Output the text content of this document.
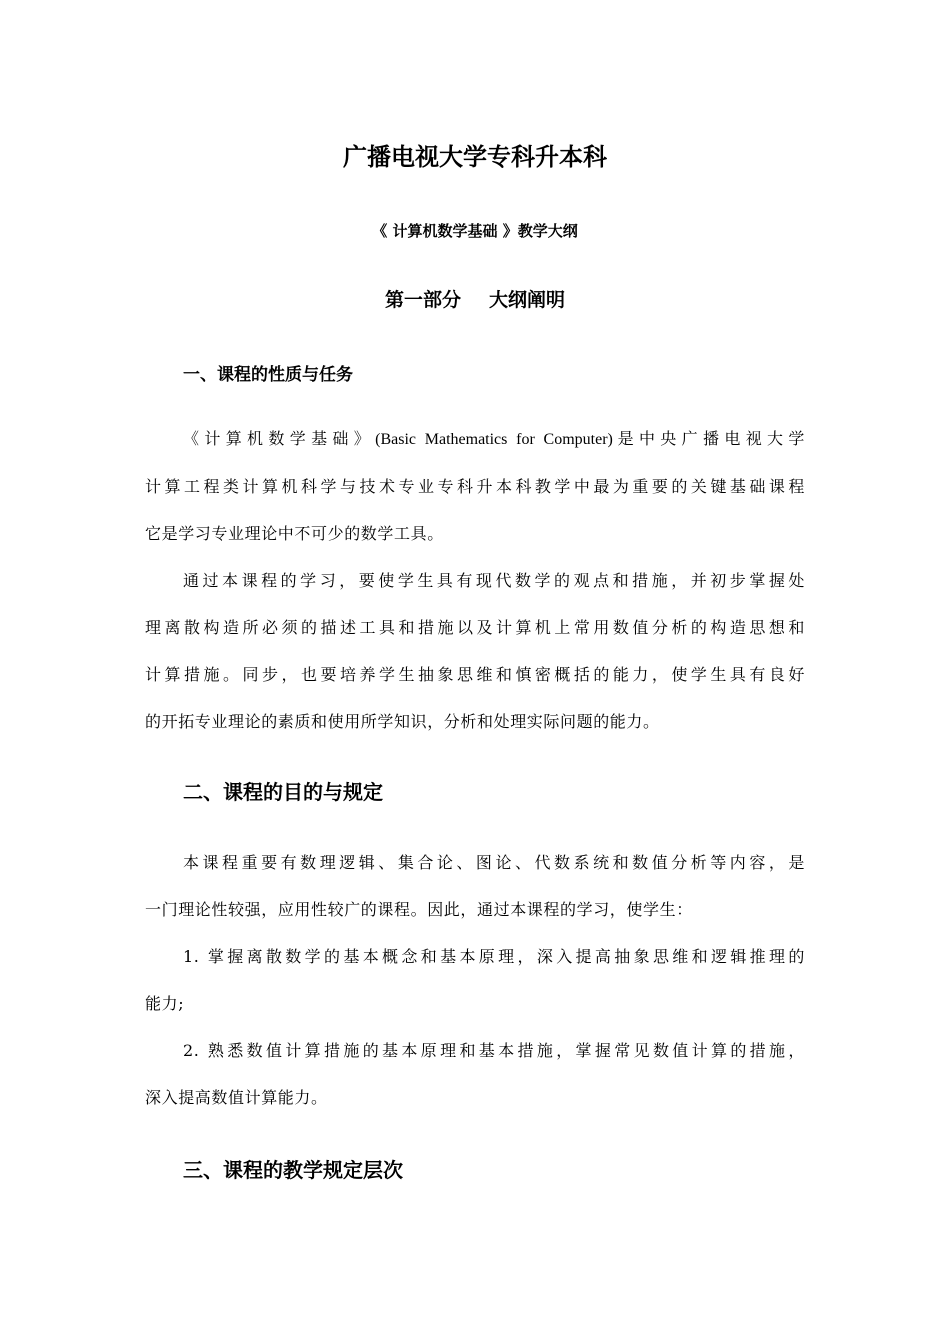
广播电视大学专科升本科
《 计算机数学基础 》教学大纲
第一部分 大纲阐明
一、课程的性质与任务
《计算机数学基础》(Basic Mathematics for Computer)是中央广播电视大学
计算工程类计算机科学与技术专业专科升本科教学中最为重要的关键基础课程
它是学习专业理论中不可少的数学工具。
通过本课程的学习，要使学生具有现代数学的观点和措施，并初步掌握处
理离散构造所必须的描述工具和措施以及计算机上常用数值分析的构造思想和
计算措施。同步，也要培养学生抽象思维和慎密概括的能力，使学生具有良好
的开拓专业理论的素质和使用所学知识，分析和处理实际问题的能力。
二、课程的目的与规定
本课程重要有数理逻辑、集合论、图论、代数系统和数值分析等内容，是
一门理论性较强，应用性较广的课程。因此，通过本课程的学习，使学生：
1. 掌握离散数学的基本概念和基本原理，深入提高抽象思维和逻辑推理的
能力;
2. 熟悉数值计算措施的基本原理和基本措施，掌握常见数值计算的措施，
深入提高数值计算能力。
三、课程的教学规定层次
